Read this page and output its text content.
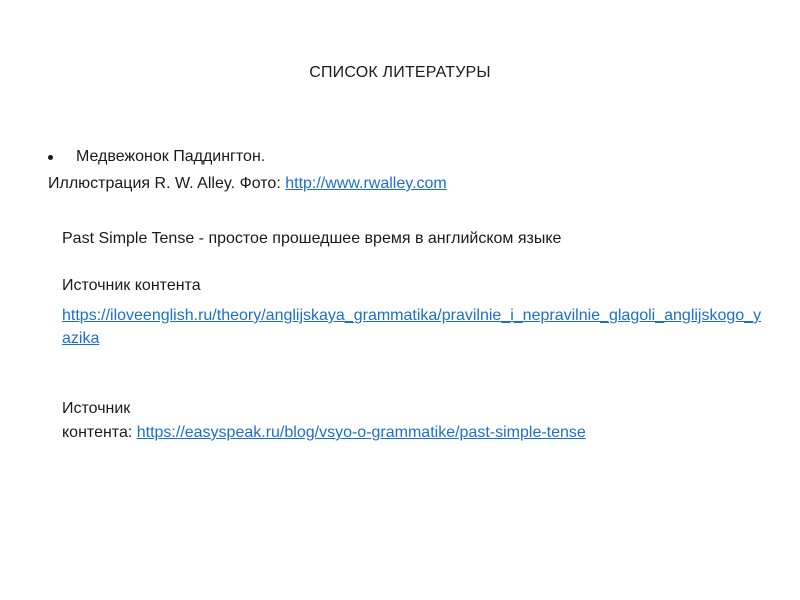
СПИСОК ЛИТЕРАТУРЫ
Медвежонок Паддингтон.
Иллюстрация R. W. Alley. Фото: http://www.rwalley.com
Past Simple Tense - простое прошедшее время в английском языке
Источник контента
https://iloveenglish.ru/theory/anglijskaya_grammatika/pravilnie_i_nepravilnie_glagoli_anglijskogo_yazika
Источник
контента: https://easyspeak.ru/blog/vsyo-o-grammatike/past-simple-tense
